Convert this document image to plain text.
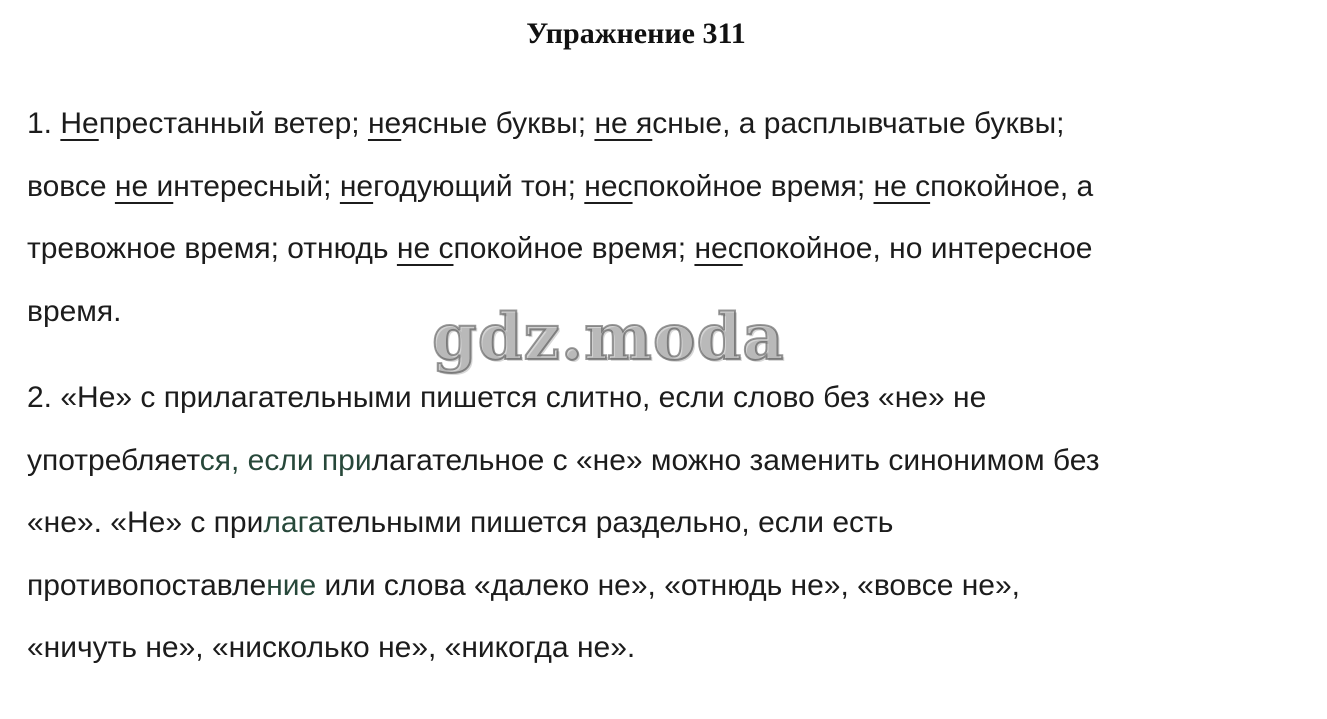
Упражнение 311
1. Непрестанный ветер; неясные буквы; не ясные, а расплывчатые буквы;
вовсе не интересный; негодующий тон; неспокойное время; не спокойное, а
тревожное время; отнюдь не спокойное время; неспокойное, но интересное
время.
2. «Не» с прилагательными пишется слитно, если слово без «не» не
употребляется, если прилагательное с «не» можно заменить синонимом без
«не». «Не» с прилагательными пишется раздельно, если есть
противопоставление или слова «далеко не», «отнюдь не», «вовсе не»,
«ничуть не», «нисколько не», «никогда не».
gdz.moda
